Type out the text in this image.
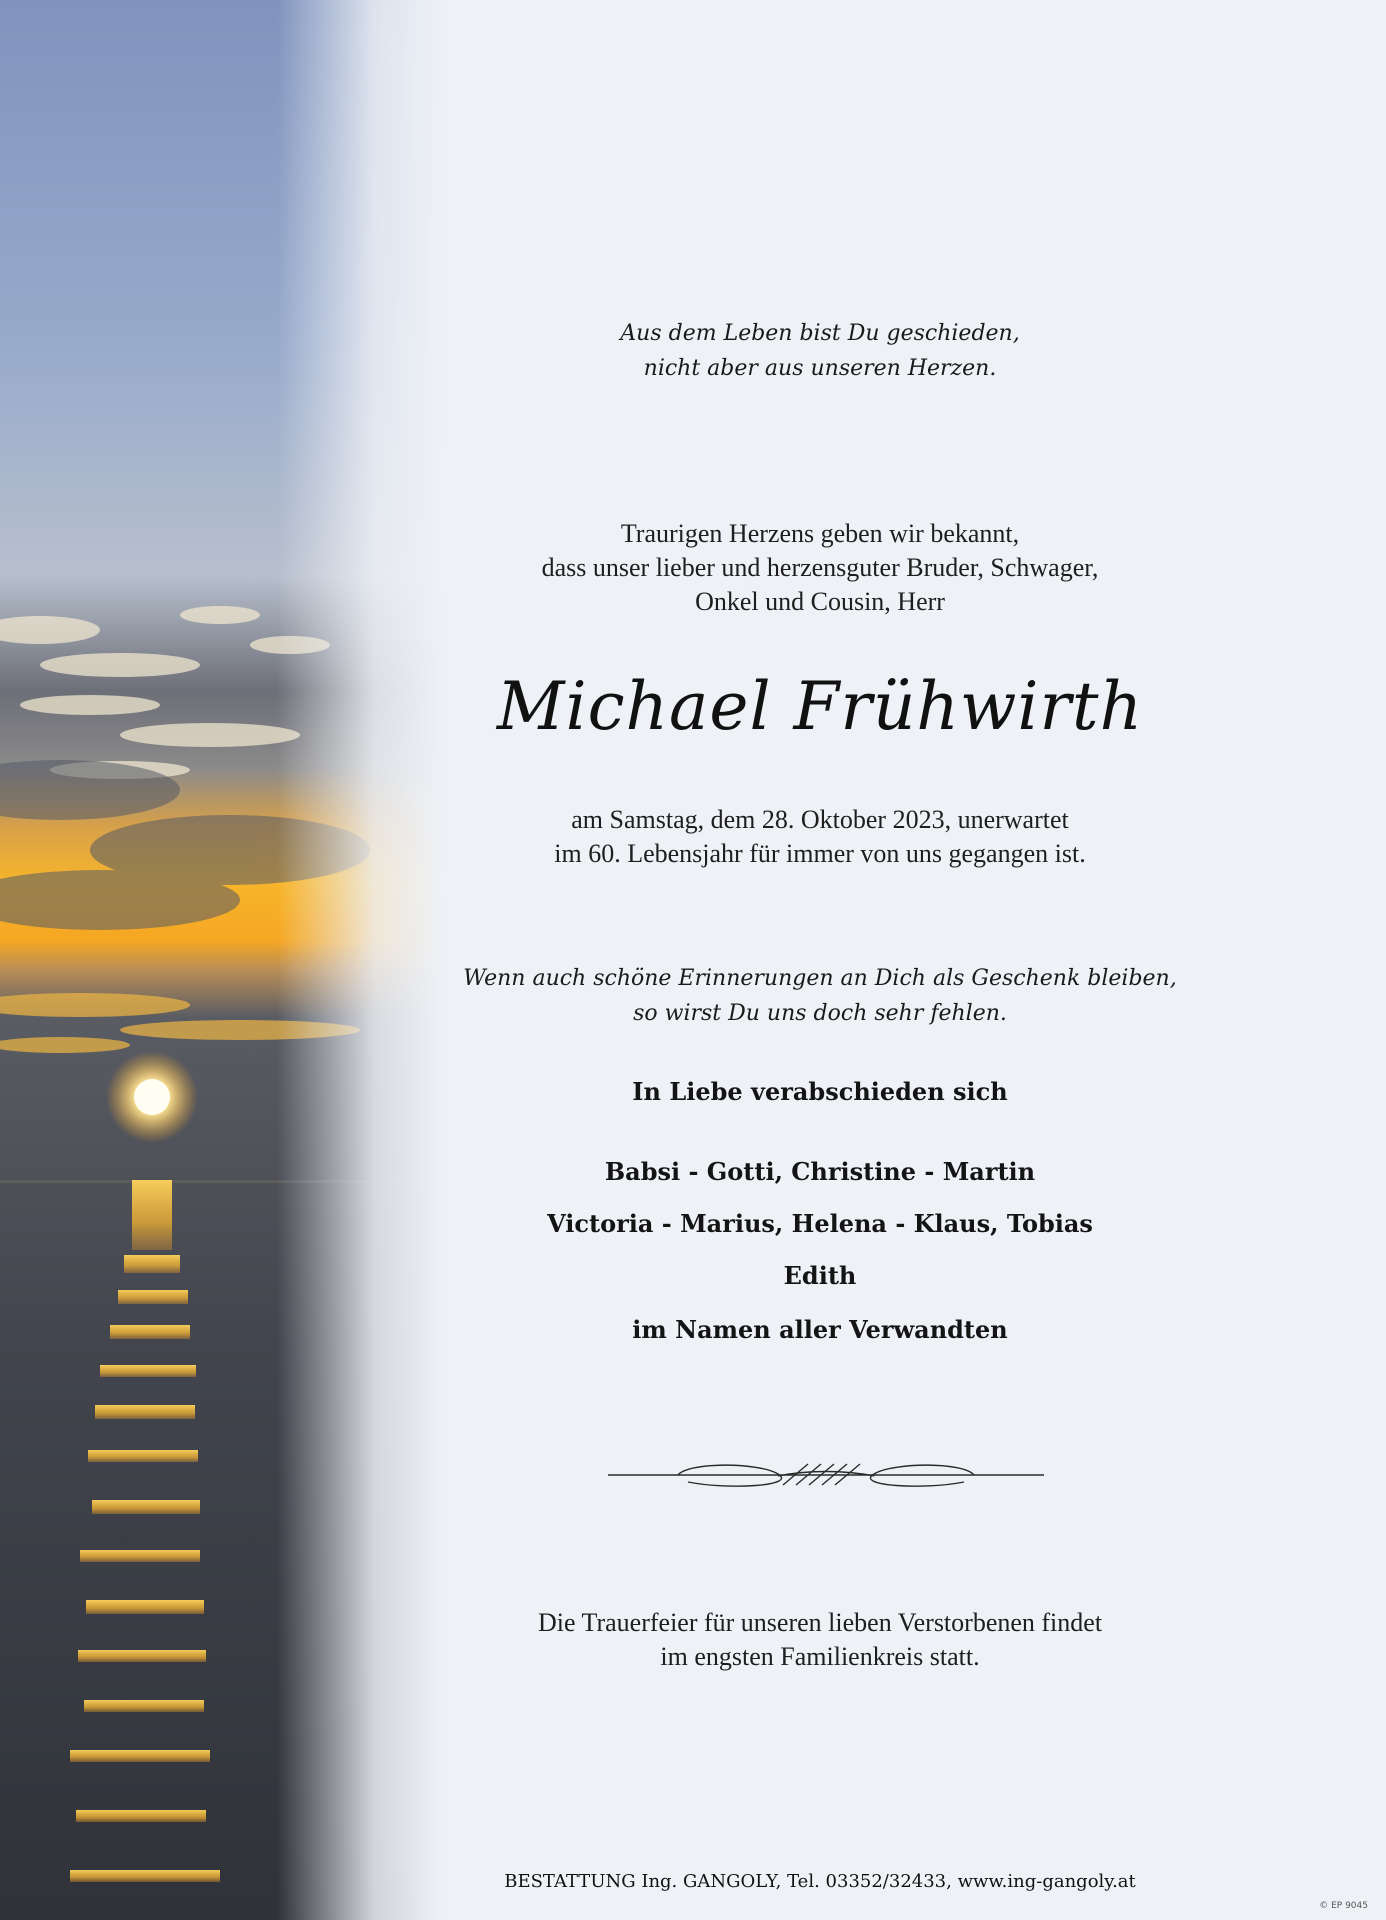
Aus dem Leben bist Du geschieden,
nicht aber aus unseren Herzen.
Traurigen Herzens geben wir bekannt,
dass unser lieber und herzensguter Bruder, Schwager,
Onkel und Cousin, Herr
Michael Frühwirth
am Samstag, dem 28. Oktober 2023, unerwartet
im 60. Lebensjahr für immer von uns gegangen ist.
Wenn auch schöne Erinnerungen an Dich als Geschenk bleiben,
so wirst Du uns doch sehr fehlen.
In Liebe verabschieden sich
Babsi - Gotti, Christine - Martin
Victoria - Marius, Helena - Klaus, Tobias
Edith
im Namen aller Verwandten
Die Trauerfeier für unseren lieben Verstorbenen findet
im engsten Familienkreis statt.
BESTATTUNG Ing. GANGOLY, Tel. 03352/32433, www.ing-gangoly.at
© EP 9045
